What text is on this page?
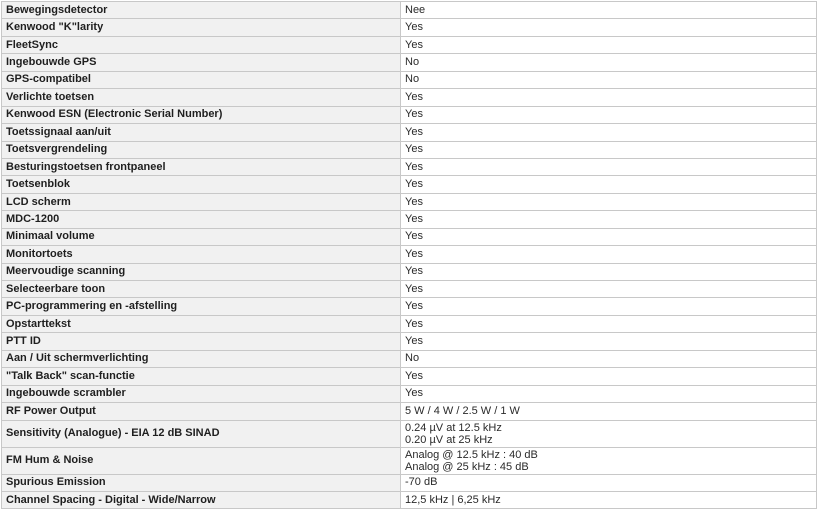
Bewegingsdetector	Nee
Kenwood "K"larity	Yes
FleetSync	Yes
Ingebouwde GPS	No
GPS-compatibel	No
Verlichte toetsen	Yes
Kenwood ESN (Electronic Serial Number)	Yes
Toetssignaal aan/uit	Yes
Toetsvergrendeling	Yes
Besturingstoetsen frontpaneel	Yes
Toetsenblok	Yes
LCD scherm	Yes
MDC-1200	Yes
Minimaal volume	Yes
Monitortoets	Yes
Meervoudige scanning	Yes
Selecteerbare toon	Yes
PC-programmering en -afstelling	Yes
Opstarttekst	Yes
PTT ID	Yes
Aan / Uit schermverlichting	No
"Talk Back" scan-functie	Yes
Ingebouwde scrambler	Yes
RF Power Output	5 W / 4 W / 2.5 W / 1 W
Sensitivity (Analogue) - EIA 12 dB SINAD	0.24 µV at 12.5 kHz
0.20 µV at 25 kHz

FM Hum & Noise	Analog @ 12.5 kHz : 40 dB
Analog @ 25 kHz : 45 dB

Spurious Emission	-70 dB
Channel Spacing - Digital - Wide/Narrow	12,5 kHz | 6,25 kHz
